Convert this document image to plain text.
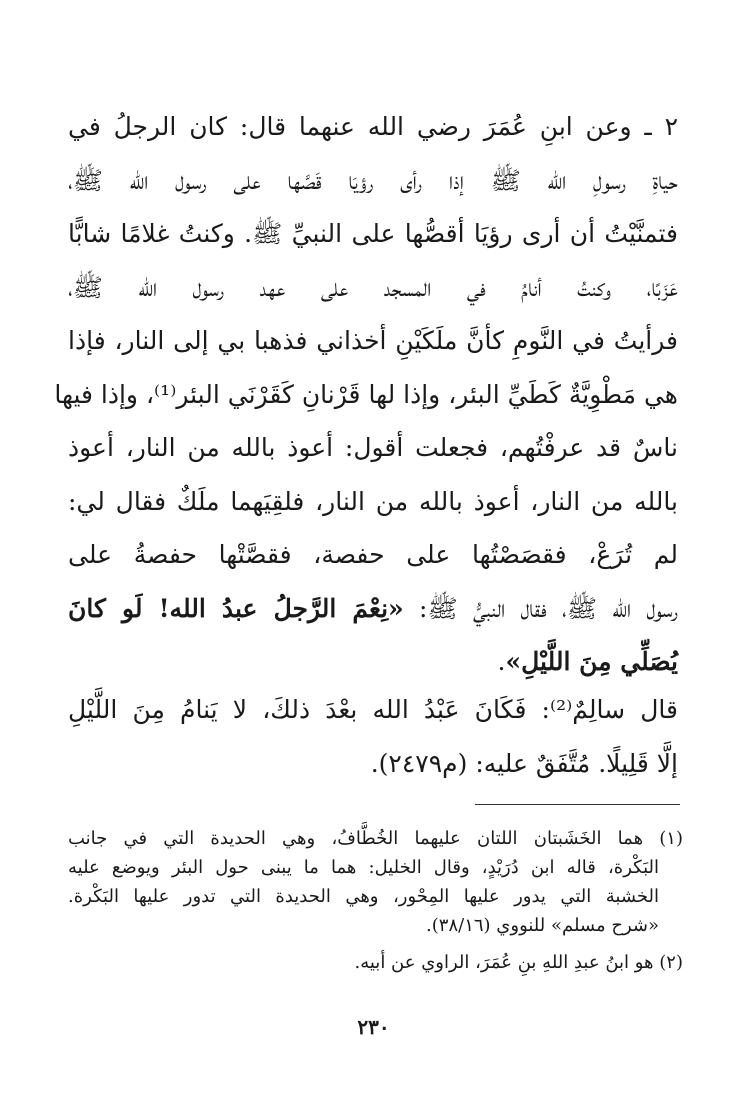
٢ ـ وعن ابنِ عُمَرَ رضي الله عنهما قال: كان الرجلُ في
حياةِ رسولِ الله ﷺ إذا رأى رؤيَا قَصَّها على رسول الله ﷺ،
فتمنَّيْتُ أن أرى رؤيَا أقصُّها على النبيِّ ﷺ. وكنتُ غلامًا شابًّا
عَزَبًا، وكنتُ أنامُ في المسجد على عهد رسول الله ﷺ،
فرأيتُ في النَّومِ كأنَّ ملَكَيْنِ أخذاني فذهبا بي إلى النار، فإذا
هي مَطْوِيَّةٌ كَطَيِّ البئر، وإذا لها قَرْنانِ كَقَرْنَي البئر⁽¹⁾، وإذا فيها
ناسٌ قد عرفْتُهم، فجعلت أقول: أعوذ بالله من النار، أعوذ
بالله من النار، أعوذ بالله من النار، فلقِيَهما ملَكٌ فقال لي:
لم تُرَعْ، فقصَصْتُها على حفصة، فقصَّتْها حفصةُ على
رسول الله ﷺ، فقال النبيُّ ﷺ: «نِعْمَ الرَّجلُ عبدُ الله! لَو كانَ
يُصَلِّي مِنَ اللَّيْلِ».
قال سالِمٌ⁽²⁾: فَكَانَ عَبْدُ الله بعْدَ ذلكَ، لا يَنامُ مِنَ اللَّيْلِ
إلَّا قَلِيلًا. مُتَّفَقٌ عليه: (م٢٤٧٩).
(١) هما الخَشَبتان اللتان عليهما الخُطَّافُ، وهي الحديدة التي في جانب
البَكْرة، قاله ابن دُرَيْدٍ، وقال الخليل: هما ما يبنى حول البئر ويوضع عليه
الخشبة التي يدور عليها المِحْور، وهي الحديدة التي تدور عليها البَكْرة.
«شرح مسلم» للنووي (٣٨/١٦).
(٢) هو ابنُ عبدِ اللهِ بنِ عُمَرَ، الراوي عن أبيه.
٢٣٠
